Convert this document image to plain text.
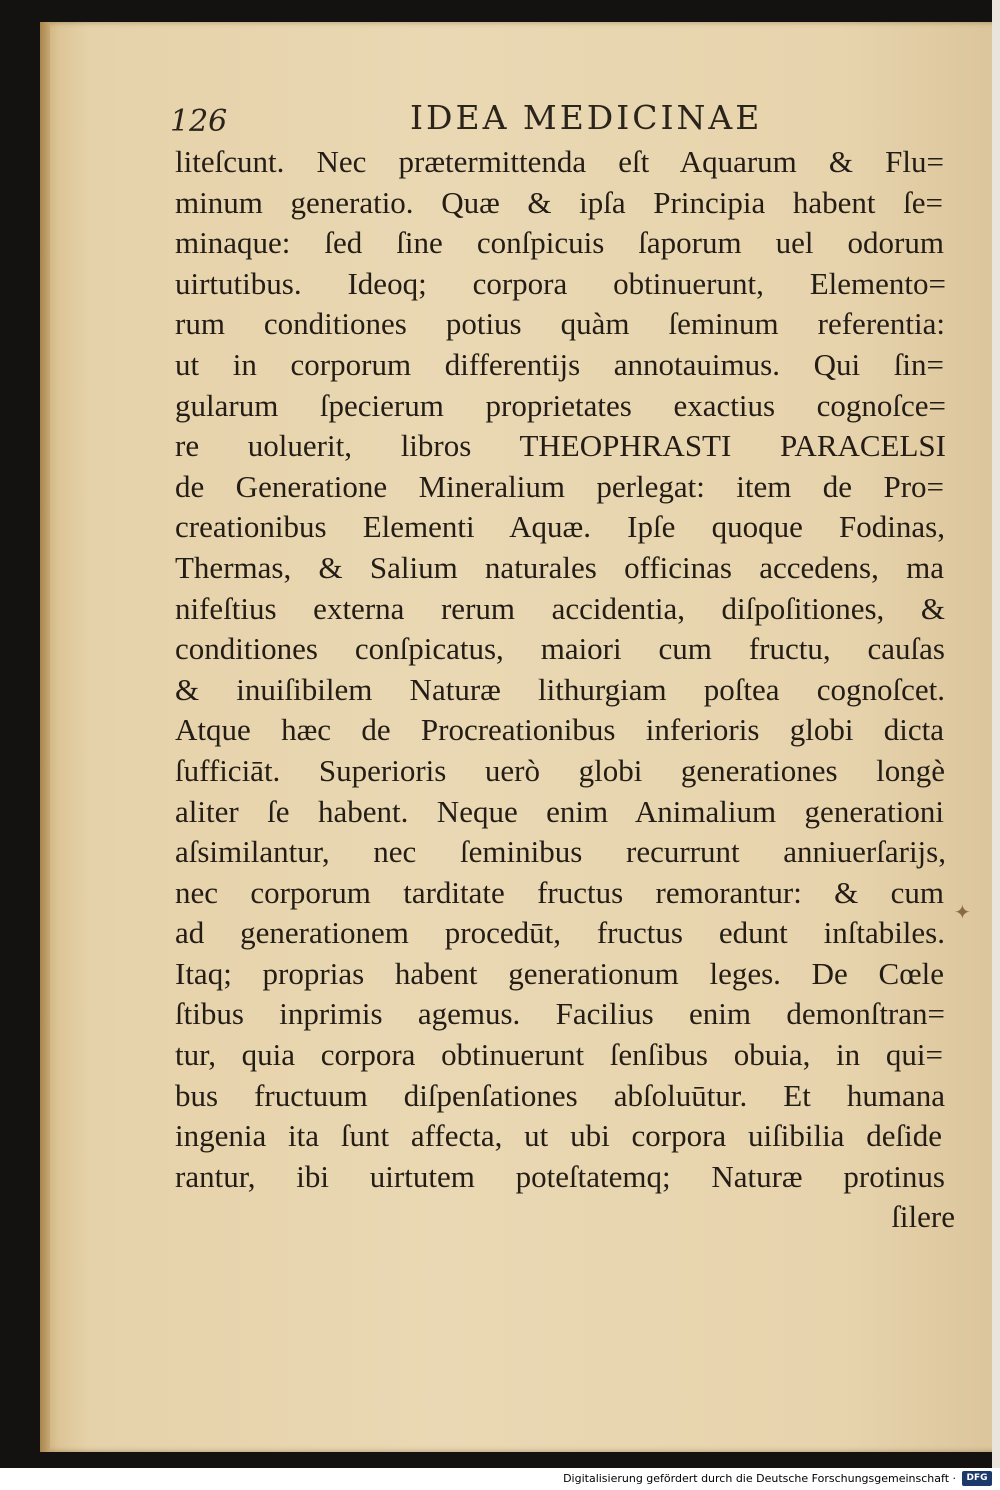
126	IDEA MEDICINAE
liteſcunt. Nec prætermittenda eſt Aquarum & Flu=
minum generatio. Quæ & ipſa Principia habent ſe=
minaque: ſed ſine conſpicuis ſaporum uel odorum
uirtutibus. Ideoq; corpora obtinuerunt, Elemento=
rum conditiones potius quàm ſeminum referentia:
ut in corporum differentijs annotauimus. Qui ſin=
gularum ſpecierum proprietates exactius cognoſce=
re uoluerit, libros THEOPHRASTI PARACELSI
de Generatione Mineralium perlegat: item de Pro=
creationibus Elementi Aquæ. Ipſe quoque Fodinas,
Thermas, & Salium naturales officinas accedens, ma
nifeſtius externa rerum accidentia, diſpoſitiones, &
conditiones conſpicatus, maiori cum fructu, cauſas
& inuiſibilem Naturæ lithurgiam poſtea cognoſcet.
Atque hæc de Procreationibus inferioris globi dicta
ſufficiāt. Superioris uerò globi generationes longè
aliter ſe habent. Neque enim Animalium generationi
aſsimilantur, nec ſeminibus recurrunt anniuerſarijs,
nec corporum tarditate fructus remorantur: & cum
ad generationem procedūt, fructus edunt inſtabiles.
Itaq; proprias habent generationum leges. De Cœle
ſtibus inprimis agemus. Facilius enim demonſtran=
tur, quia corpora obtinuerunt ſenſibus obuia, in qui=
bus fructuum diſpenſationes abſoluūtur. Et humana
ingenia ita ſunt affecta, ut ubi corpora uiſibilia deſide
rantur, ibi uirtutem poteſtatemq; Naturæ protinus
ſilere
✦
Digitalisierung gefördert durch die Deutsche Forschungsgemeinschaft ·	DFG
